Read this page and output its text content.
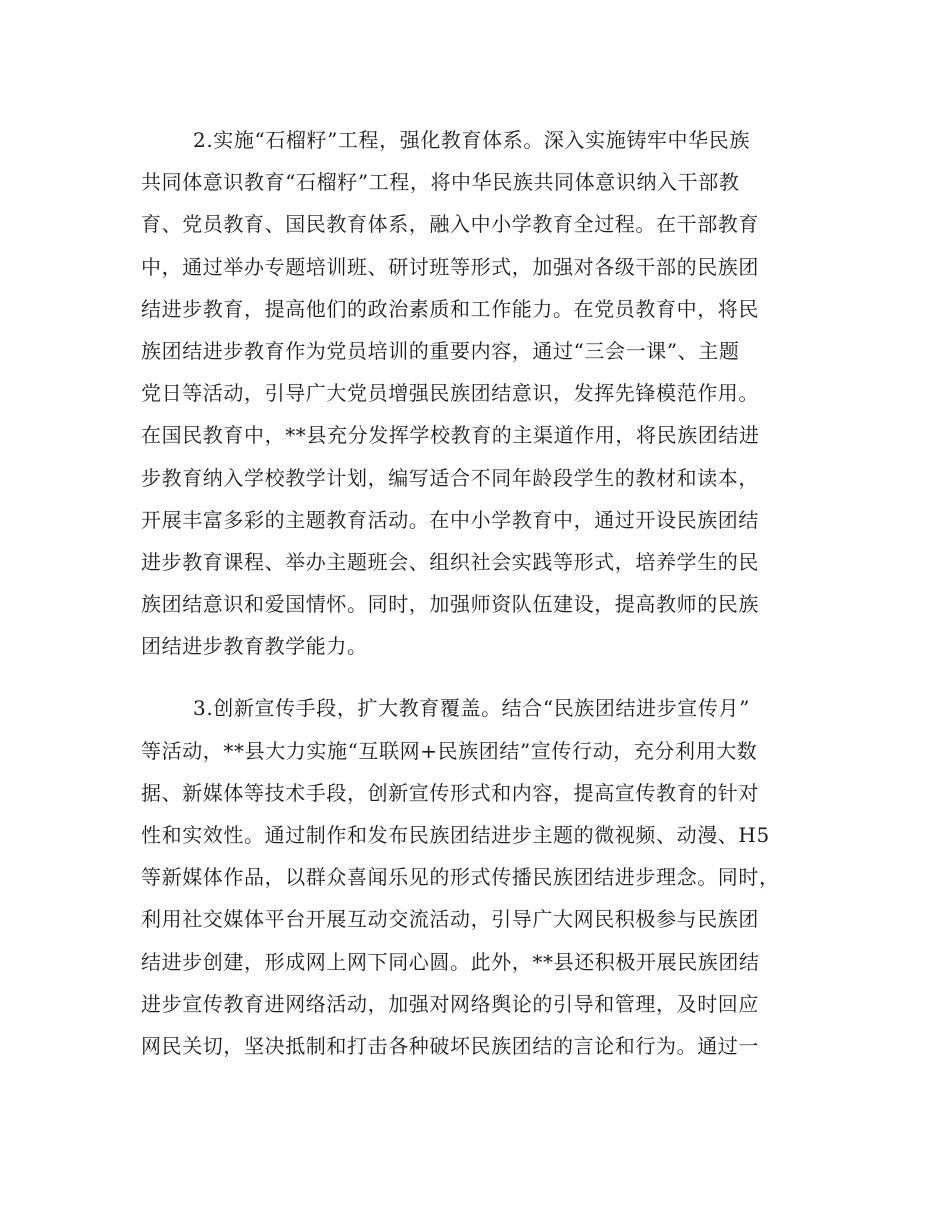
2.实施“石榴籽”工程，强化教育体系。深入实施铸牢中华民族
共同体意识教育“石榴籽”工程，将中华民族共同体意识纳入干部教
育、党员教育、国民教育体系，融入中小学教育全过程。在干部教育
中，通过举办专题培训班、研讨班等形式，加强对各级干部的民族团
结进步教育，提高他们的政治素质和工作能力。在党员教育中，将民
族团结进步教育作为党员培训的重要内容，通过“三会一课”、主题
党日等活动，引导广大党员增强民族团结意识，发挥先锋模范作用。
在国民教育中，**县充分发挥学校教育的主渠道作用，将民族团结进
步教育纳入学校教学计划，编写适合不同年龄段学生的教材和读本，
开展丰富多彩的主题教育活动。在中小学教育中，通过开设民族团结
进步教育课程、举办主题班会、组织社会实践等形式，培养学生的民
族团结意识和爱国情怀。同时，加强师资队伍建设，提高教师的民族
团结进步教育教学能力。
3.创新宣传手段，扩大教育覆盖。结合“民族团结进步宣传月”
等活动，**县大力实施“互联网+民族团结”宣传行动，充分利用大数
据、新媒体等技术手段，创新宣传形式和内容，提高宣传教育的针对
性和实效性。通过制作和发布民族团结进步主题的微视频、动漫、H5
等新媒体作品，以群众喜闻乐见的形式传播民族团结进步理念。同时，
利用社交媒体平台开展互动交流活动，引导广大网民积极参与民族团
结进步创建，形成网上网下同心圆。此外，**县还积极开展民族团结
进步宣传教育进网络活动，加强对网络舆论的引导和管理，及时回应
网民关切，坚决抵制和打击各种破坏民族团结的言论和行为。通过一
